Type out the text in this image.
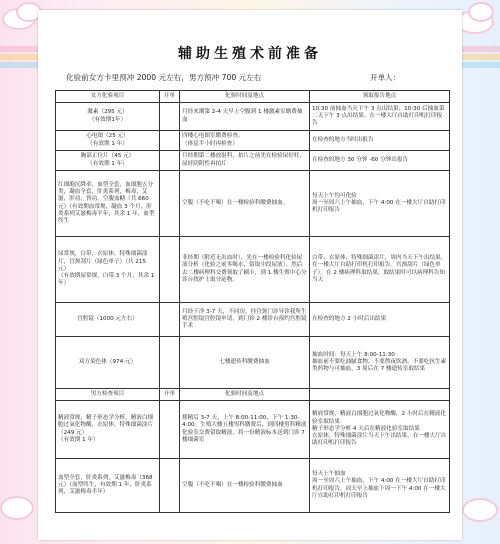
辅助生殖术前准备
化验前女方卡里预冲 2000 元左右，男方预冲 700 元左右	开单人：
女方化验项目	开单	化验时间及地点	领取报告地点
激素（295 元）
（有效期1年）		月经来潮第 2-4 天早上空腹到 1 楼激素室缴费抽血	10:30 前抽血当天下午 3 点出结果；10:30 后抽血第二天下午 3 点出结果。在一楼大厅自助打印机打印报告
心电图（25 元）
（有效期 1 年）		四楼心电图室缴费检查。
（体息半小时再检查）	在检查的地方当时出报告
胸部正位片（45 元）
（有效期 1 年）		月经期第二楼放射科，拍片之前先在检验尿好妊，尿妊阴阴性再拍片	在检查的地方 30 分钟 -60 分钟出报告
红细胞沉降率，血型全套，血细胞五分类，凝血全套，肝炎系列，梅毒，艾滋，肝功，肾功，空腹血糖（共 660 元）（有效期血常规，凝血 3 个月，肝炎系列艾滋梅毒半年，其余 1 年，血型终生		空腹（不吃不喝）在一楼检验科缴费抽血。	每天上午均可化验
周一至周六上午抽血，下午 4:00 在一楼大厅自助打印机打印报告
尿常规，白带，衣原体，特殊细菌涂片，宫颈刮片（绿色单子）（共 215 元）
（有效期尿常规，白带 3 个月，其余 1 年）		非经期（附近无出血时），先在一楼检验科化验尿液分析（化验之前多喝水，留取中段尿液），然后去二楼病理科交费领取了刷卡，到 1 楼生殖中心分诊台找护士取分泌物。	白带，衣原体，特殊细菌涂片，周内当天下午出结果。在一楼大厅自助打印机打印报告。宫颈刮片（绿色单子）。在 2 楼病理科取结果，取结果时可以病理科告知当天
宫腔镜（1000 元左右）		月经干净 3-7 天，不同房，挂宫颈门诊导诊我所生殖宫腔镜宫腔镜申请，到门诊 2 楼诊台预约宫腔镜手术	在检查的地方 2 小时后出结果
双方染色体（974 元）		七楼遗传科缴费抽血	抽血时间：每天上午 8:00-11:30
抽血前不要吃油腻食物，不要熬夜饮酒，不要吃抗生素类药物与可抽血，3 周后在 7 楼遗传室取结果
男方检查项目	开单	化验时间及地点	
精液常规，精子形态学分析，精液白细胞过氧化物酶，衣原体，特殊细菌涂片（249 元）
（有效期 1 年）		排精后 3-7 天，上午 8:00-11:00，下午 1:30-4:00。生殖大楼五楼男科缴费后，到四楼男科精液化验室交费留取精液，将一份精液标本送到门诊 7 楼细菌室	精液常规，精液白细胞过氧化物酶，2 小时后在精液化验室取结果
精子形态学分析 4 天后在精液化验室取结果
衣原体，特殊细菌涂片当天下午出结果，在一楼大厅自助打印机打印报告
血型全套，肝炎系列，艾滋梅毒（368 元）（血型终生，有效期 1 年，肝炎系列，艾滋梅毒半年）		空腹（不吃不喝）在一楼检验科缴费抽血	每天上午抽血
周一至周六上午抽血，下午 4:00 在一楼大厅自助打印机打印报告，周天早上抽血下周一下午 4:00 在一楼大厅自助打印机打印报告
